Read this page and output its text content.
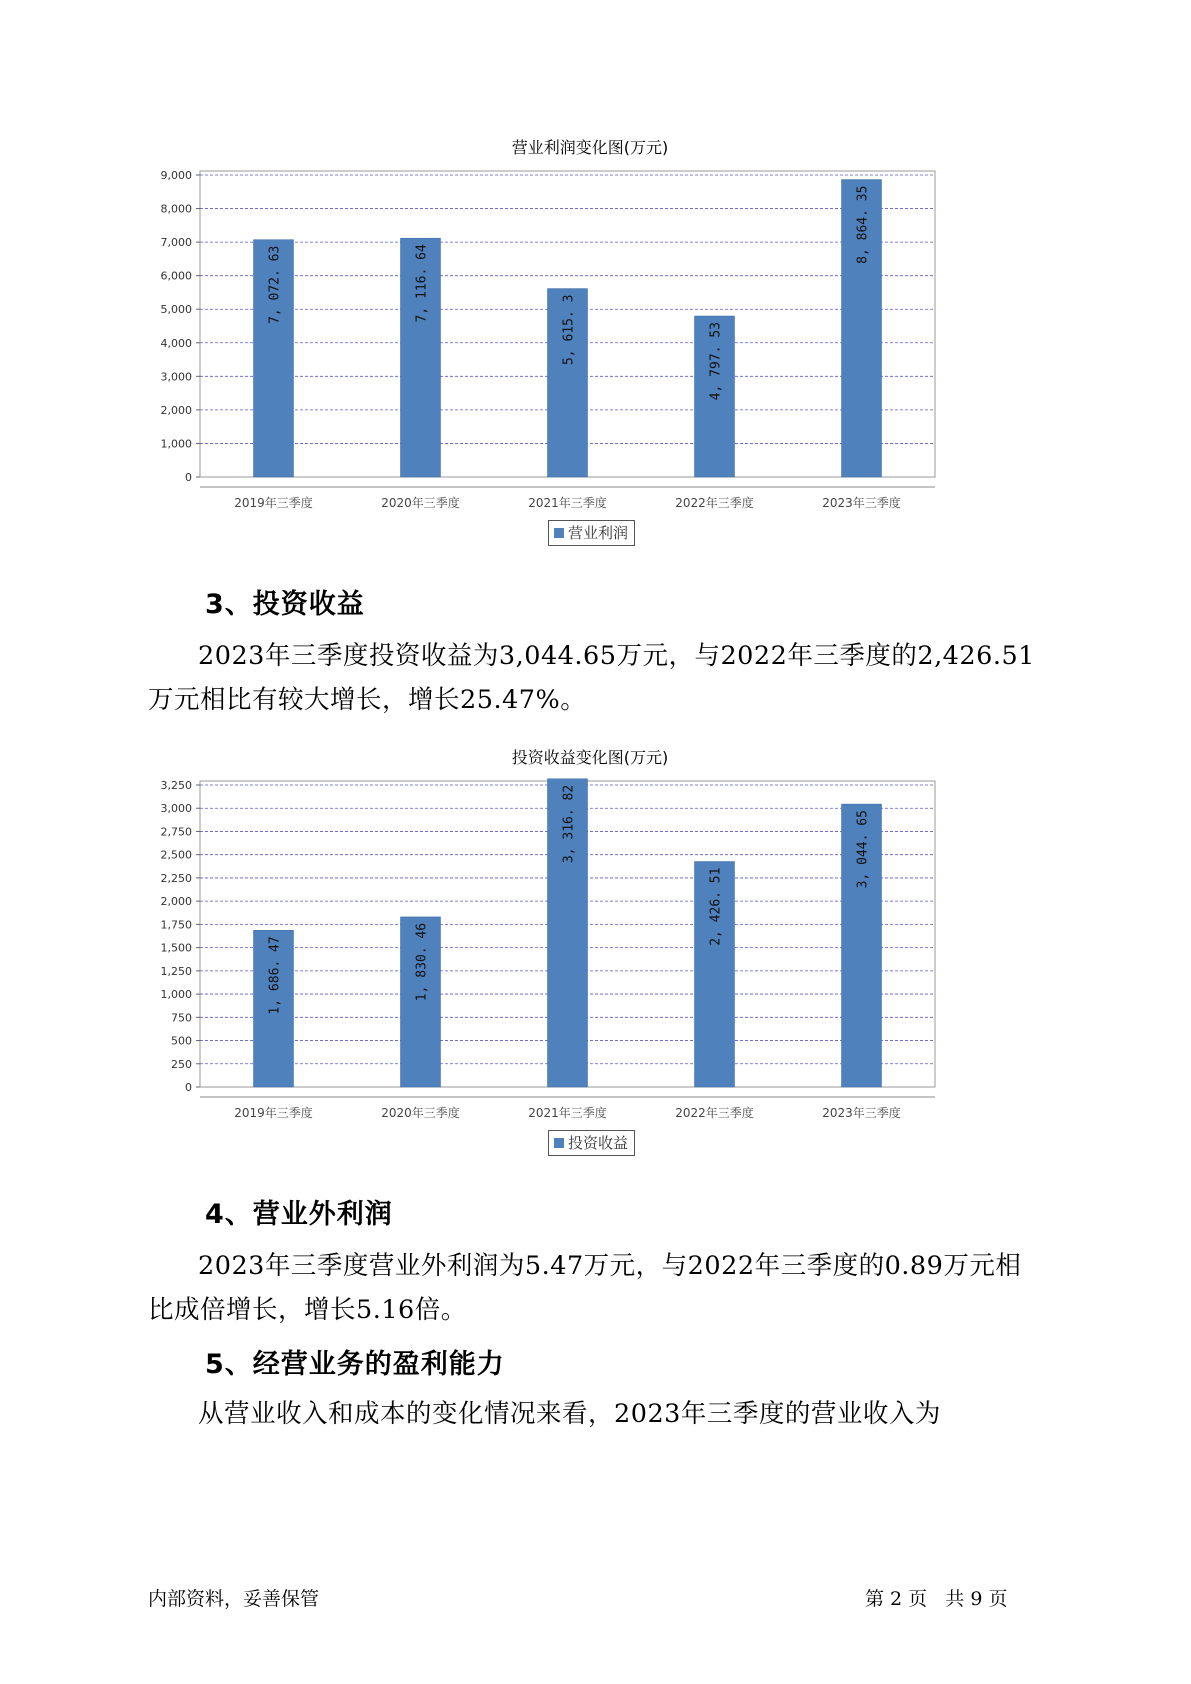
营业利润变化图(万元)
0
1,000
2,000
3,000
4,000
5,000
6,000
7,000
8,000
9,000
7, 072. 63
2019年三季度
7, 116. 64
2020年三季度
5, 615. 3
2021年三季度
4, 797. 53
2022年三季度
8, 864. 35
2023年三季度
营业利润
3、投资收益
2023年三季度投资收益为3,044.65万元，与2022年三季度的2,426.51
万元相比有较大增长，增长25.47%。
投资收益变化图(万元)
0
250
500
750
1,000
1,250
1,500
1,750
2,000
2,250
2,500
2,750
3,000
3,250
1, 686. 47
2019年三季度
1, 830. 46
2020年三季度
3, 316. 82
2021年三季度
2, 426. 51
2022年三季度
3, 044. 65
2023年三季度
投资收益
4、营业外利润
2023年三季度营业外利润为5.47万元，与2022年三季度的0.89万元相
比成倍增长，增长5.16倍。
5、经营业务的盈利能力
从营业收入和成本的变化情况来看，2023年三季度的营业收入为
内部资料，妥善保管	第 2 页   共 9 页
